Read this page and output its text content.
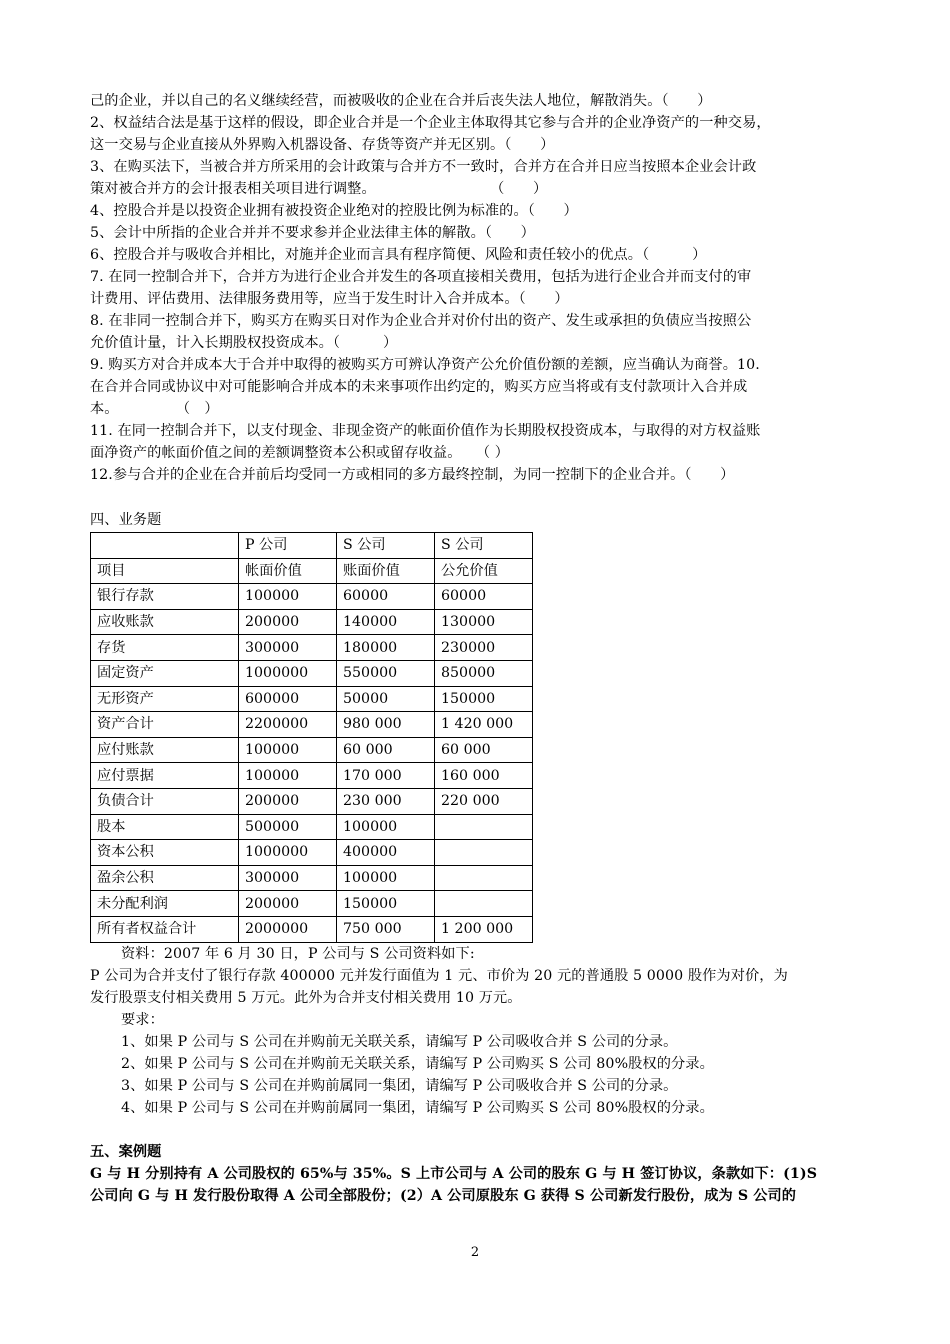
己的企业，并以自己的名义继续经营，而被吸收的企业在合并后丧失法人地位，解散消失。（　　）
2、权益结合法是基于这样的假设，即企业合并是一个企业主体取得其它参与合并的企业净资产的一种交易，
这一交易与企业直接从外界购入机器设备、存货等资产并无区别。（　　）
3、在购买法下，当被合并方所采用的会计政策与合并方不一致时，合并方在合并日应当按照本企业会计政
策对被合并方的会计报表相关项目进行调整。　　　　　　　　　（　　）
4、控股合并是以投资企业拥有被投资企业绝对的控股比例为标准的。（　　）
5、会计中所指的企业合并并不要求参并企业法律主体的解散。（　　）
6、控股合并与吸收合并相比，对施并企业而言具有程序简便、风险和责任较小的优点。（　　　）
7. 在同一控制合并下，合并方为进行企业合并发生的各项直接相关费用，包括为进行企业合并而支付的审
计费用、评估费用、法律服务费用等，应当于发生时计入合并成本。（　　）
8. 在非同一控制合并下，购买方在购买日对作为企业合并对价付出的资产、发生或承担的负债应当按照公
允价值计量，计入长期股权投资成本。（　　　）
9. 购买方对合并成本大于合并中取得的被购买方可辨认净资产公允价值份额的差额，应当确认为商誉。10.
在合并合同或协议中对可能影响合并成本的未来事项作出约定的，购买方应当将或有支付款项计入合并成
本。　　　　　（　）
11. 在同一控制合并下，以支付现金、非现金资产的帐面价值作为长期股权投资成本，与取得的对方权益账
面净资产的帐面价值之间的差额调整资本公积或留存收益。　　（ ）
12.参与合并的企业在合并前后均受同一方或相同的多方最终控制，为同一控制下的企业合并。（　　）
四、业务题
	P 公司	S 公司	S 公司
项目	帐面价值	账面价值	公允价值
银行存款	100000	60000	60000
应收账款	200000	140000	130000
存货	300000	180000	230000
固定资产	1000000	550000	850000
无形资产	600000	50000	150000
资产合计	2200000	980 000	1 420 000
应付账款	100000	60 000	60 000
应付票据	100000	170 000	160 000
负债合计	200000	230 000	220 000
股本	500000	100000	
资本公积	1000000	400000	
盈余公积	300000	100000	
未分配利润	200000	150000	
所有者权益合计	2000000	750 000	1 200 000
资料：2007 年 6 月 30 日，P 公司与 S 公司资料如下:
P 公司为合并支付了银行存款 400000 元并发行面值为 1 元、市价为 20 元的普通股 5 0000 股作为对价，为
发行股票支付相关费用 5 万元。此外为合并支付相关费用 10 万元。
要求：
1、如果 P 公司与 S 公司在并购前无关联关系，请编写 P 公司吸收合并 S 公司的分录。
2、如果 P 公司与 S 公司在并购前无关联关系，请编写 P 公司购买 S 公司 80%股权的分录。
3、如果 P 公司与 S 公司在并购前属同一集团，请编写 P 公司吸收合并 S 公司的分录。
4、如果 P 公司与 S 公司在并购前属同一集团，请编写 P 公司购买 S 公司 80%股权的分录。
五、案例题
G 与 H 分别持有 A 公司股权的 65%与 35%。S 上市公司与 A 公司的股东 G 与 H 签订协议，条款如下：(1)S
公司向 G 与 H 发行股份取得 A 公司全部股份；(2）A 公司原股东 G 获得 S 公司新发行股份，成为 S 公司的
2
